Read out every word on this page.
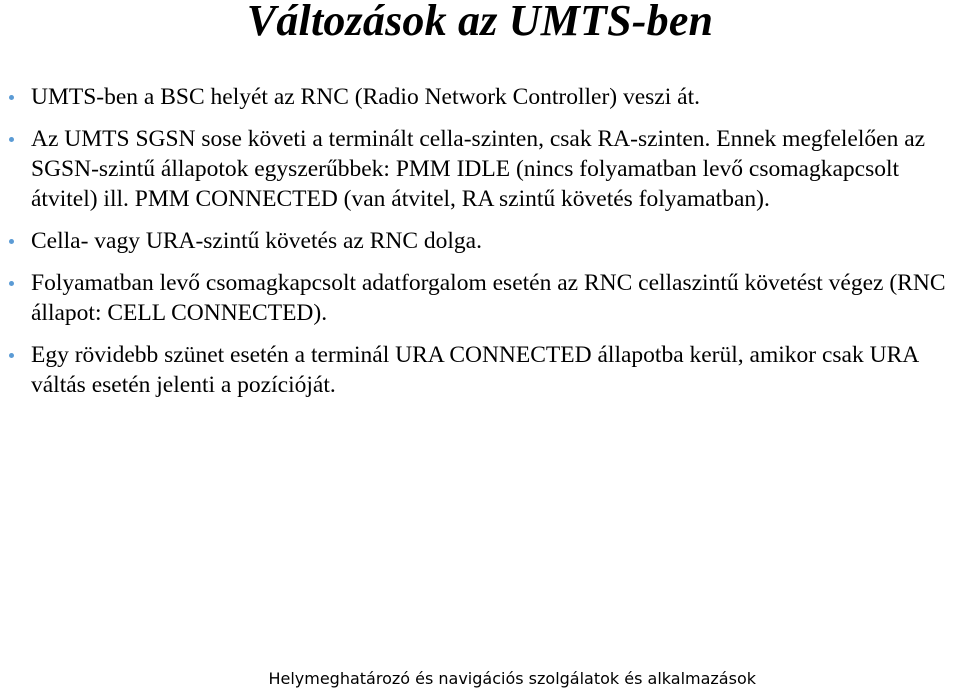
Változások az UMTS-ben
UMTS-ben a BSC helyét az RNC (Radio Network Controller) veszi át.
Az UMTS SGSN sose követi a terminált cella-szinten, csak RA-szinten. Ennek megfelelően az SGSN-szintű állapotok egyszerűbbek: PMM IDLE (nincs folyamatban levő csomagkapcsolt átvitel) ill. PMM CONNECTED (van átvitel, RA szintű követés folyamatban).
Cella- vagy URA-szintű követés az RNC dolga.
Folyamatban levő csomagkapcsolt adatforgalom esetén az RNC cellaszintű követést végez (RNC állapot: CELL CONNECTED).
Egy rövidebb szünet esetén a terminál URA CONNECTED állapotba kerül, amikor csak URA váltás esetén jelenti a pozícióját.
Helymeghatározó és navigációs szolgálatok és alkalmazások
